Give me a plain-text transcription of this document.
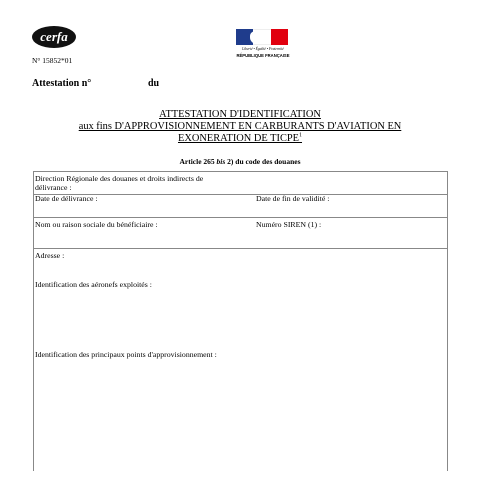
cerfa
N° 15852*01
Liberté • Égalité • Fraternité
RÉPUBLIQUE FRANÇAISE
Attestation n°	du
ATTESTATION D'IDENTIFICATION
aux fins D'APPROVISIONNEMENT EN CARBURANTS D'AVIATION EN
EXONERATION DE TICPE$^1$
Article 265 bis 2) du code des douanes
Direction Régionale des douanes et droits indirects de
délivrance :
Date de délivrance :	Date de fin de validité :
Nom ou raison sociale du bénéficiaire :	Numéro SIREN (1) :
Adresse :
Identification des aéronefs exploités :
Identification des principaux points d'approvisionnement :
